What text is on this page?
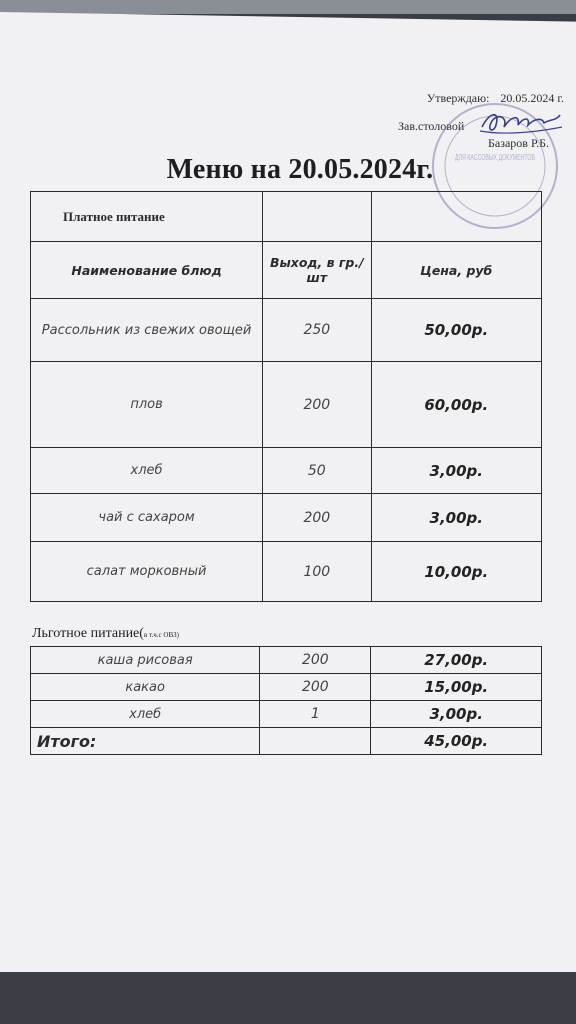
Утверждаю: 20.05.2024 г.
Зав.столовой
Базаров Р.Б.
ДЛЯ КАССОВЫХ ДОКУМЕНТОВ
Меню на 20.05.2024г.
Платное питание		
Наименование блюд	Выход, в гр./шт	Цена, руб
Рассольник из свежих овощей	250	50,00р.
плов	200	60,00р.
хлеб	50	3,00р.
чай с сахаром	200	3,00р.
салат морковный	100	10,00р.
Льготное питание(в т.ч.с ОВЗ)
каша рисовая	200	27,00р.
какао	200	15,00р.
хлеб	1	3,00р.
Итого:		45,00р.
